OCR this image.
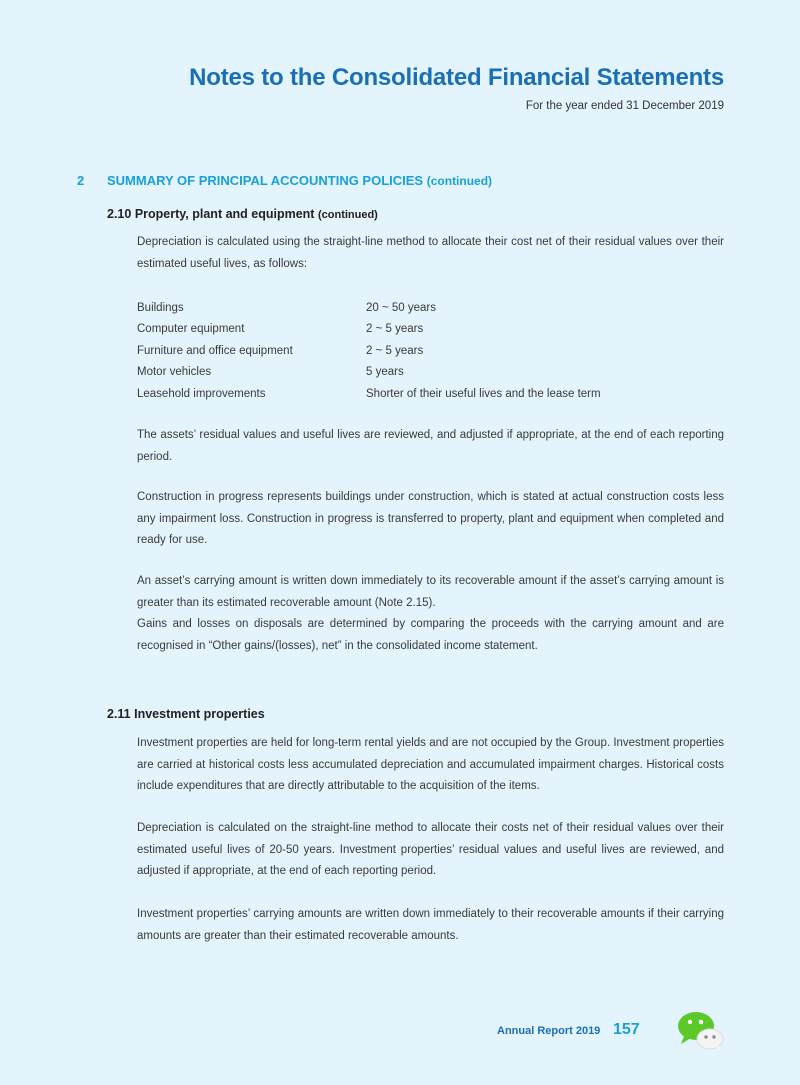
Notes to the Consolidated Financial Statements
For the year ended 31 December 2019
2 SUMMARY OF PRINCIPAL ACCOUNTING POLICIES (continued)
2.10 Property, plant and equipment (continued)

Depreciation is calculated using the straight-line method to allocate their cost net of their residual values over their estimated useful lives, as follows:

Buildings	20 ~ 50 years
Computer equipment	2 ~ 5 years
Furniture and office equipment	2 ~ 5 years
Motor vehicles	5 years
Leasehold improvements	Shorter of their useful lives and the lease term

The assets’ residual values and useful lives are reviewed, and adjusted if appropriate, at the end of each reporting period.

Construction in progress represents buildings under construction, which is stated at actual construction costs less any impairment loss. Construction in progress is transferred to property, plant and equipment when completed and ready for use.

An asset’s carrying amount is written down immediately to its recoverable amount if the asset’s carrying amount is greater than its estimated recoverable amount (Note 2.15).

Gains and losses on disposals are determined by comparing the proceeds with the carrying amount and are recognised in “Other gains/(losses), net” in the consolidated income statement.

2.11 Investment properties

Investment properties are held for long-term rental yields and are not occupied by the Group. Investment properties are carried at historical costs less accumulated depreciation and accumulated impairment charges. Historical costs include expenditures that are directly attributable to the acquisition of the items.

Depreciation is calculated on the straight-line method to allocate their costs net of their residual values over their estimated useful lives of 20-50 years. Investment properties’ residual values and useful lives are reviewed, and adjusted if appropriate, at the end of each reporting period.

Investment properties’ carrying amounts are written down immediately to their recoverable amounts if their carrying amounts are greater than their estimated recoverable amounts.

Annual Report 2019 157
